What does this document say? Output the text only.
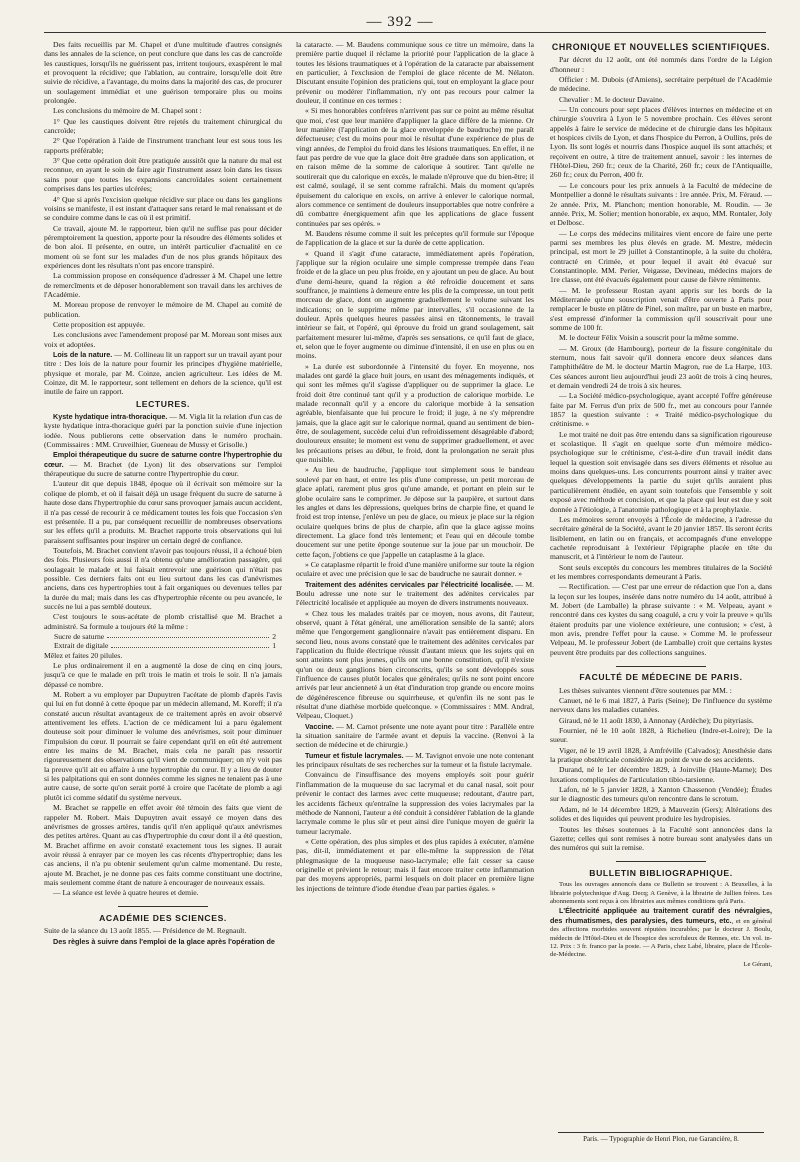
— 392 —

Des faits recueillis par M. Chapel et d'une multitude d'autres consignés dans les annales de la science, on peut conclure que dans les cas de cancroïde les caustiques, lorsqu'ils ne guérissent pas, irritent toujours, exaspèrent le mal et provoquent la récidive; que l'ablation, au contraire, lorsqu'elle doit être suivie de récidive, a l'avantage, du moins dans la majorité des cas, de procurer un soulagement immédiat et une guérison temporaire plus ou moins prolongée.

Les conclusions du mémoire de M. Chapel sont :

1° Que les caustiques doivent être rejetés du traitement chirurgical du cancroïde;

2° Que l'opération à l'aide de l'instrument tranchant leur est sous tous les rapports préférable;

3° Que cette opération doit être pratiquée aussitôt que la nature du mal est reconnue, en ayant le soin de faire agir l'instrument assez loin dans les tissus sains pour que toutes les expansions cancroïdales soient certainement comprises dans les parties ulcérées;

4° Que si après l'excision quelque récidive sur place ou dans les ganglions voisins se manifeste, il est instant d'attaquer sans retard le mal renaissant et de se conduire comme dans le cas où il est primitif.

Ce travail, ajoute M. le rapporteur, bien qu'il ne suffise pas pour décider péremptoirement la question, apporte pour la résoudre des éléments solides et de bon aloi. Il présente, en outre, un intérêt particulier d'actualité en ce moment où se font sur les malades d'un de nos plus grands hôpitaux des expériences dont les résultats n'ont pas encore transpiré.

La commission propose en conséquence d'adresser à M. Chapel une lettre de remercîments et de déposer honorablement son travail dans les archives de l'Académie.

M. Moreau propose de renvoyer le mémoire de M. Chapel au comité de publication.

Cette proposition est appuyée.

Les conclusions avec l'amendement proposé par M. Moreau sont mises aux voix et adoptées.

Lois de la nature. — M. Collineau lit un rapport sur un travail ayant pour titre : Des lois de la nature pour fournir les principes d'hygiène matérielle, physique et morale, par M. Coinze, ancien agriculteur. Les idées de M. Coinze, dit M. le rapporteur, sont tellement en dehors de la science, qu'il est inutile de faire un rapport.

LECTURES.

Kyste hydatique intra-thoracique. — M. Vigla lit la relation d'un cas de kyste hydatique intra-thoracique guéri par la ponction suivie d'une injection iodée. Nous publierons cette observation dans le numéro prochain. (Commissaires : MM. Cruveilhier, Gueneau de Mussy et Grisolle.)

Emploi thérapeutique du sucre de saturne contre l'hypertrophie du cœur. — M. Brachet (de Lyon) lit des observations sur l'emploi thérapeutique du sucre de saturne contre l'hypertrophie du cœur.

L'auteur dit que depuis 1848, époque où il écrivait son mémoire sur la colique de plomb, et où il faisait déjà un usage fréquent du sucre de saturne à haute dose dans l'hypertrophie du cœur sans provoquer jamais aucun accident, il n'a pas cessé de recourir à ce médicament toutes les fois que l'occasion s'en est présentée. Il a pu, par conséquent recueillir de nombreuses observations sur les effets qu'il a produits. M. Brachet rapporte trois observations qui lui paraissent suffisantes pour inspirer un certain degré de confiance.

Toutefois, M. Brachet convient n'avoir pas toujours réussi, il a échoué bien des fois. Plusieurs fois aussi il n'a obtenu qu'une amélioration passagère, qui soulageait le malade et lui faisait entrevoir une guérison qui n'était pas possible. Ces derniers faits ont eu lieu surtout dans les cas d'anévrismes anciens, dans ces hypertrophies tout à fait organiques ou devenues telles par la durée du mal; mais dans les cas d'hypertrophie récente ou peu avancée, le succès ne lui a pas semblé douteux.

C'est toujours le sous-acétate de plomb cristallisé que M. Brachet a administré. Sa formule a toujours été la même :

Sucre de saturne	2
Extrait de digitale	1

Mêlez et faites 20 pilules.

Le plus ordinairement il en a augmenté la dose de cinq en cinq jours, jusqu'à ce que le malade en prît trois le matin et trois le soir. Il n'a jamais dépassé ce nombre.

M. Robert a vu employer par Dupuytren l'acétate de plomb d'après l'avis qui lui en fut donné à cette époque par un médecin allemand, M. Koreff; il n'a constaté aucun résultat avantageux de ce traitement après en avoir observé attentivement les effets. L'action de ce médicament lui a paru également douteuse soit pour diminuer le volume des anévrismes, soit pour diminuer l'impulsion du cœur. Il pourrait se faire cependant qu'il en eût été autrement entre les mains de M. Brachet, mais cela ne paraît pas ressortir rigoureusement des observations qu'il vient de communiquer; on n'y voit pas la preuve qu'il ait eu affaire à une hypertrophie du cœur. Il y a lieu de douter si les palpitations qui en sont données comme les signes ne tenaient pas à une autre cause, de sorte qu'on serait porté à croire que l'acétate de plomb a agi plutôt ici comme sédatif du système nerveux.

M. Brachet se rappelle en effet avoir été témoin des faits que vient de rappeler M. Robert. Mais Dupuytren avait essayé ce moyen dans des anévrismes de grosses artères, tandis qu'il n'en appliqué qu'aux anévrismes des petites artères. Quant au cas d'hypertrophie du cœur dont il a été question, M. Brachet affirme en avoir constaté exactement tous les signes. Il aurait avoir réussi à enrayer par ce moyen les cas récents d'hypertrophie; dans les cas anciens, il n'a pu obtenir seulement qu'un calme momentané. Du reste, ajoute M. Brachet, je ne donne pas ces faits comme constituant une doctrine, mais seulement comme étant de nature à encourager de nouveaux essais.

— La séance est levée à quatre heures et demie.

ACADÉMIE DES SCIENCES.

Suite de la séance du 13 août 1855. — Présidence de M. Regnault.

Des règles à suivre dans l'emploi de la glace après l'opération de

la cataracte. — M. Baudens communique sous ce titre un mémoire, dans la première partie duquel il réclame la priorité pour l'application de la glace à toutes les lésions traumatiques et à l'opération de la cataracte par abaissement en particulier, à l'exclusion de l'emploi de glace récente de M. Nélaton. Discutant ensuite l'opinion des praticiens qui, tout en employant la glace pour prévenir ou modérer l'inflammation, n'y ont pas recours pour calmer la douleur, il continue en ces termes :

« Si mes honorables confrères n'arrivent pas sur ce point au même résultat que moi, c'est que leur manière d'appliquer la glace diffère de la mienne. Or leur manière (l'application de la glace enveloppée de baudruche) me paraît défectueuse; c'est du moins pour moi le résultat d'une expérience de plus de vingt années, de l'emploi du froid dans les lésions traumatiques. En effet, il ne faut pas perdre de vue que la glace doit être graduée dans son application, et en raison même de la somme de calorique à soutirer. Tant qu'elle ne soutirerait que du calorique en excès, le malade n'éprouve que du bien-être; il est calmé, soulagé, il se sent comme rafraîchi. Mais du moment qu'après épuisement du calorique en excès, on arrive à enlever le calorique normal, alors commence ce sentiment de douleurs insupportables que notre confrère a dû combattre énergiquement afin que les applications de glace fussent continuées par ses opérés. »

M. Baudens résume comme il suit les préceptes qu'il formule sur l'époque de l'application de la glace et sur la durée de cette application.

« Quand il s'agit d'une cataracte, immédiatement après l'opération, j'applique sur la région oculaire une simple compresse trempée dans l'eau froide et de la glace un peu plus froide, en y ajoutant un peu de glace. Au bout d'une demi-heure, quand la région a été refroidie doucement et sans souffrance, je maintiens à demeure entre les plis de la compresse, un tout petit morceau de glace, dont on augmente graduellement le volume suivant les indications; on le supprime même par intervalles, s'il occasionne de la douleur. Après quelques heures passées ainsi en tâtonnements, le travail intérieur se fait, et l'opéré, qui éprouve du froid un grand soulagement, sait parfaitement mesurer lui-même, d'après ses sensations, ce qu'il faut de glace, et, selon que le foyer augmente ou diminue d'intensité, il en use en plus ou en moins.

» La durée est subordonnée à l'intensité du foyer. En moyenne, nos malades ont gardé la glace huit jours, en usant des ménagements indiqués, et qui sont les mêmes qu'il s'agisse d'appliquer ou de supprimer la glace. Le froid doit être continué tant qu'il y a production de calorique morbide. Le malade reconnaît qu'il y a encore du calorique morbide à la sensation agréable, bienfaisante que lui procure le froid; il juge, à ne s'y méprendre jamais, que la glace agit sur le calorique normal, quand au sentiment de bien-être, de soulagement, succède celui d'un refroidissement désagréable d'abord; douloureux ensuite; le moment est venu de supprimer graduellement, et avec les précautions prises au début, le froid, dont la prolongation ne serait plus que nuisible.

» Au lieu de baudruche, j'applique tout simplement sous le bandeau soulevé par en haut, et entre les plis d'une compresse, un petit morceau de glace aplati, rarement plus gros qu'une amande, et portant en plein sur le globe oculaire sans le comprimer. Je dépose sur la paupière, et surtout dans les angles et dans les dépressions, quelques brins de charpie fine, et quand le froid est trop intense, j'enlève un peu de glace, ou mieux je place sur la région oculaire quelques brins de plus de charpie, afin que la glace agisse moins directement. La glace fond très lentement; et l'eau qui en découle tombe doucement sur une petite éponge soutenue sur la joue par un mouchoir. De cette façon, j'obtiens ce que j'appelle un cataplasme à la glace.

» Ce cataplasme répartit le froid d'une manière uniforme sur toute la région oculaire et avec une précision que le sac de baudruche ne saurait donner. »

Traitement des adénites cervicales par l'électricité localisée. — M. Boulu adresse une note sur le traitement des adénites cervicales par l'électricité localisée et appliquée au moyen de divers instruments nouveaux.

« Chez tous les malades traités par ce moyen, nous avons, dit l'auteur, observé, quant à l'état général, une amélioration sensible de la santé; alors même que l'engorgement ganglionnaire n'avait pas entièrement disparu. En second lieu, nous avons constaté que le traitement des adénites cervicales par l'application du fluide électrique réussit d'autant mieux que les sujets qui en sont atteints sont plus jeunes, qu'ils ont une bonne constitution, qu'il n'existe qu'un ou deux ganglions bien circonscrits, qu'ils se sont développés sous l'influence de causes plutôt locales que générales; qu'ils ne sont point encore arrivés par leur ancienneté à un état d'induration trop grande ou encore moins de dégénérescence fibreuse ou squirrheuse, et qu'enfin ils ne sont pas le résultat d'une diathèse morbide quelconque. » (Commissaires : MM. Andral, Velpeau, Cloquet.)

Vaccine. — M. Carnot présente une note ayant pour titre : Parallèle entre la situation sanitaire de l'armée avant et depuis la vaccine. (Renvoi à la section de médecine et de chirurgie.)

Tumeur et fistule lacrymales. — M. Tavignot envoie une note contenant les principaux résultats de ses recherches sur la tumeur et la fistule lacrymale.

Convaincu de l'insuffisance des moyens employés soit pour guérir l'inflammation de la muqueuse du sac lacrymal et du canal nasal, soit pour prévenir le contact des larmes avec cette muqueuse; redoutant, d'autre part, les accidents fâcheux qu'entraîne la suppression des voies lacrymales par la méthode de Nannoni, l'auteur a été conduit à considérer l'ablation de la glande lacrymale comme le plus sûr et peut ainsi dire l'unique moyen de guérir la tumeur lacrymale.

« Cette opération, des plus simples et des plus rapides à exécuter, n'amène pas, dit-il, immédiatement et par elle-même la suppression de l'état phlegmasique de la muqueuse naso-lacrymale; elle fait cesser sa cause originelle et prévient le retour; mais il faut encore traiter cette inflammation par des moyens appropriés, parmi lesquels on doit placer en première ligne les injections de teinture d'iode étendue d'eau par parties égales. »

CHRONIQUE ET NOUVELLES SCIENTIFIQUES.

Par décret du 12 août, ont été nommés dans l'ordre de la Légion d'honneur :

Officier : M. Dubois (d'Amiens), secrétaire perpétuel de l'Académie de médecine.

Chevalier : M. le docteur Davaine.

— Un concours pour sept places d'élèves internes en médecine et en chirurgie s'ouvrira à Lyon le 5 novembre prochain. Ces élèves seront appelés à faire le service de médecine et de chirurgie dans les hôpitaux et hospices civils de Lyon, et dans l'hospice du Perron, à Oullins, près de Lyon. Ils sont logés et nourris dans l'hospice auquel ils sont attachés; et reçoivent en outre, à titre de traitement annuel, savoir : les internes de l'Hôtel-Dieu, 260 fr.; ceux de la Charité, 260 fr.; ceux de l'Antiquaille, 260 fr.; ceux du Perron, 400 fr.

— Le concours pour les prix annuels à la Faculté de médecine de Montpellier a donné le résultats suivants : 1re année. Prix, M. Féraud. — 2e année. Prix, M. Planchon; mention honorable, M. Roudin. — 3e année. Prix, M. Solier; mention honorable, ex æquo, MM. Rontaler, Joly et Delbosc.

— Le corps des médecins militaires vient encore de faire une perte parmi ses membres les plus élevés en grade. M. Mestre, médecin principal, est mort le 29 juillet à Constantinople, à la suite du choléra, contracté en Crimée, et pour lequel il avait été évacué sur Constantinople. MM. Perier, Veigasse, Devineau, médecins majors de 1re classe, ont été évacués également pour cause de fièvre rémittente.

— M. le professeur Rostan ayant appris sur les bords de la Méditerranée qu'une souscription venait d'être ouverte à Paris pour remplacer le buste en plâtre de Pinel, son maître, par un buste en marbre, s'est empressé d'informer la commission qu'il souscrivait pour une somme de 100 fr.

M. le docteur Félix Voisin a souscrit pour la même somme.

— M. Groux (de Hambourg), porteur de la fissure congénitale du sternum, nous fait savoir qu'il donnera encore deux séances dans l'amphithéâtre de M. le docteur Martin Magron, rue de La Harpe, 103. Ces séances auront lieu aujourd'hui jeudi 23 août de trois à cinq heures, et demain vendredi 24 de trois à six heures.

— La Société médico-psychologique, ayant accepté l'offre généreuse faite par M. Ferrus d'un prix de 500 fr., met au concours pour l'année 1857 la question suivante : « Traité médico-psychologique du crétinisme. »

Le mot traité ne doit pas être entendu dans sa signification rigoureuse et scolastique. Il s'agit en quelque sorte d'un mémoire médico-psychologique sur le crétinisme, c'est-à-dire d'un travail inédit dans lequel la question soit envisagée dans ses divers éléments et résolue au moins dans quelques-uns. Les concurrents pourront ainsi y traiter avec quelques développements la partie du sujet qu'ils auraient plus particulièrement étudiée, en ayant soin toutefois que l'ensemble y soit exposé avec méthode et concision, et que la place qui leur est due y soit donnée à l'étiologie, à l'anatomie pathologique et à la prophylaxie.

Les mémoires seront envoyés à l'École de médecine, à l'adresse du secrétaire général de la Société, avant le 20 janvier 1857. Ils seront écrits lisiblement, en latin ou en français, et accompagnés d'une enveloppe cachetée reproduisant à l'extérieur l'épigraphe placée en tête du manuscrit, et à l'intérieur le nom de l'auteur.

Sont seuls exceptés du concours les membres titulaires de la Société et les membres correspondants demeurant à Paris.

— Rectification. — C'est par une erreur de rédaction que l'on a, dans la leçon sur les loupes, insérée dans notre numéro du 14 août, attribué à M. Jobert (de Lamballe) la phrase suivante : « M. Velpeau, ayant » rencontré dans ces kystes du sang coagulé, a cru y voir la preuve » qu'ils étaient produits par une violence extérieure, une contusion; » c'est, à mon avis, prendre l'effet pour la cause. » Comme M. le professeur Velpeau, M. le professeur Jobert (de Lamballe) croit que certains kystes peuvent être produits par des collections sanguines.

FACULTÉ DE MÉDECINE DE PARIS.

Les thèses suivantes viennent d'être soutenues par MM. :

Canuet, né le 6 mai 1827, à Paris (Seine); De l'influence du système nerveux dans les maladies cutanées.

Giraud, né le 11 août 1830, à Annonay (Ardèche); Du pityriasis.

Fournier, né le 10 août 1828, à Richelieu (Indre-et-Loire); De la sueur.

Viger, né le 19 avril 1828, à Amfréville (Calvados); Anesthésie dans la pratique obstétricale considérée au point de vue de ses accidents.

Durand, né le 1er décembre 1829, à Joinville (Haute-Marne); Des luxations compliquées de l'articulation tibio-tarsienne.

Lafon, né le 5 janvier 1828, à Xanton Chassenon (Vendée); Études sur le diagnostic des tumeurs qu'on rencontre dans le scrotum.

Adam, né le 14 décembre 1829, à Mauvezin (Gers); Altérations des solides et des liquides qui peuvent produire les hydropisies.

Toutes les thèses soutenues à la Faculté sont annoncées dans la Gazette; celles qui sont remises à notre bureau sont analysées dans un des numéros qui suit la remise.

BULLETIN BIBLIOGRAPHIQUE.

Tous les ouvrages annoncés dans ce Bulletin se trouvent : A Bruxelles, à la librairie polytechnique d'Aug. Decq; A Genève, à la librairie de Jullien frères. Les abonnements sont reçus à ces librairies aux mêmes conditions qu'à Paris.

L'Électricité appliquée au traitement curatif des névralgies, des rhumatismes, des paralysies, des tumeurs, etc., et en général des affections morbides souvent réputées incurables; par le docteur J. Boulu, médecin de l'Hôtel-Dieu et de l'hospice des scrofuleux de Rennes, etc. Un vol. in-12. Prix : 3 fr. franco par la poste. — A Paris, chez Labé, libraire, place de l'École-de-Médecine.

Le Gérant,

Paris. — Typographie de Henri Plon, rue Garancière, 8.
